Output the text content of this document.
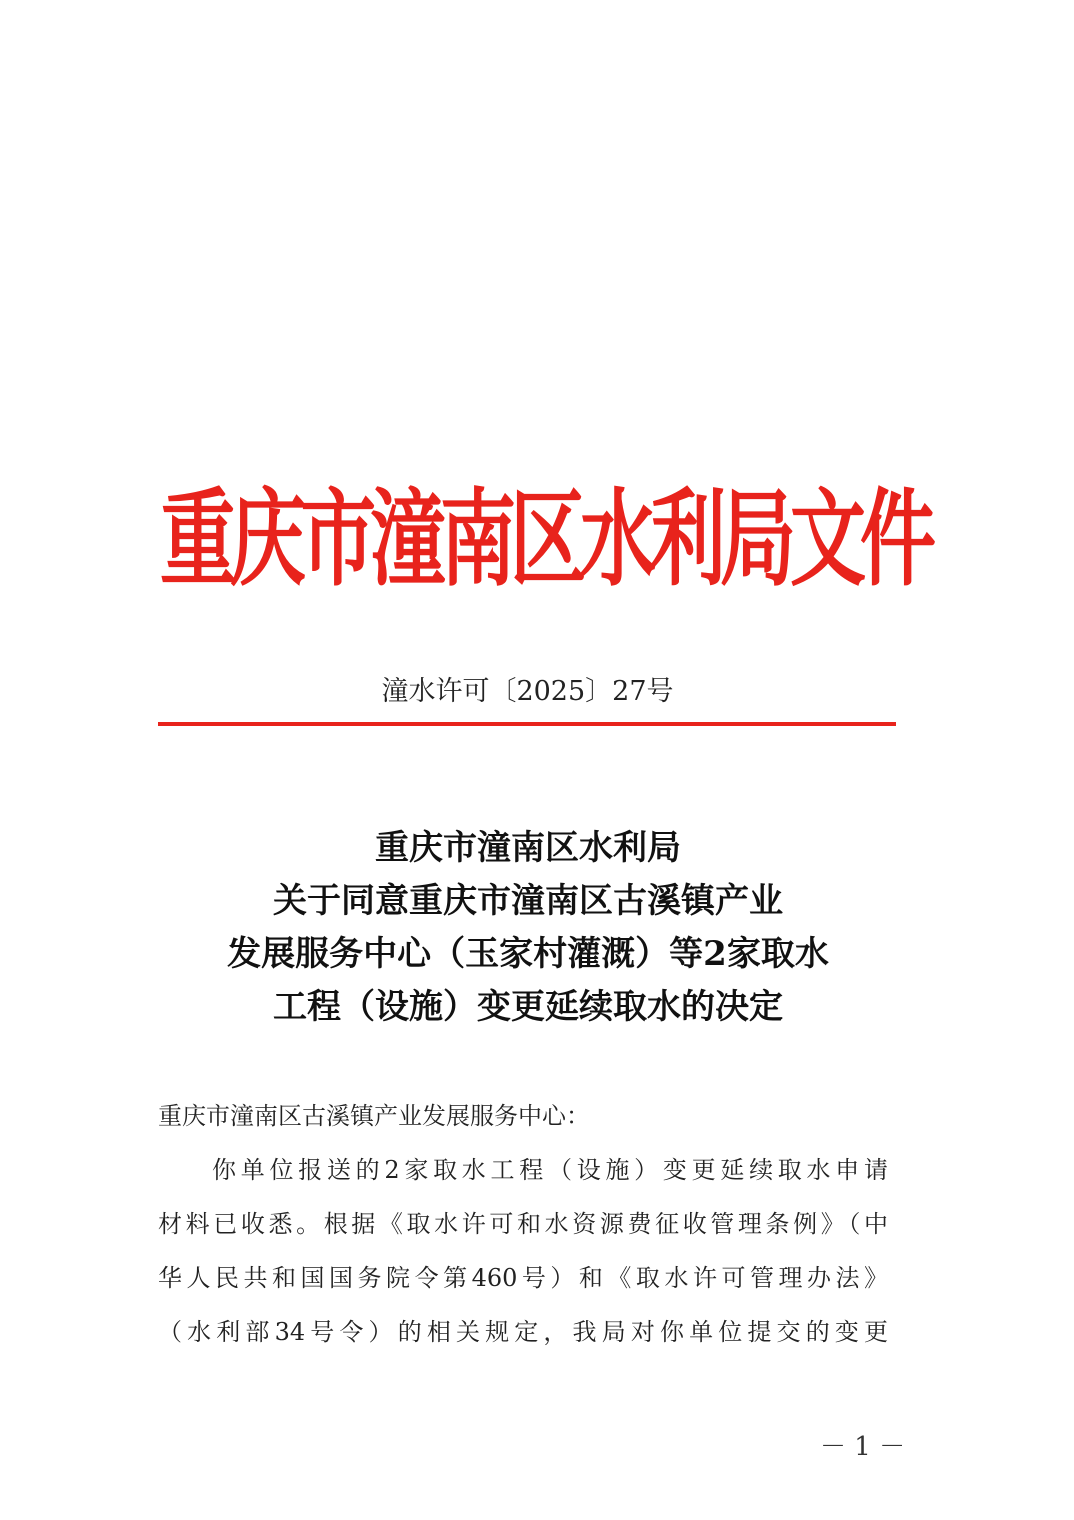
重庆市潼南区水利局文件
潼水许可〔2025〕27号
重庆市潼南区水利局
关于同意重庆市潼南区古溪镇产业
发展服务中心（玉家村灌溉）等2家取水
工程（设施）变更延续取水的决定
重庆市潼南区古溪镇产业发展服务中心：
你单位报送的2家取水工程（设施）变更延续取水申请
材料已收悉。根据《取水许可和水资源费征收管理条例》（中
华人民共和国国务院令第460号）和《取水许可管理办法》
（水利部34号令）的相关规定，我局对你单位提交的变更
－ 1 －
